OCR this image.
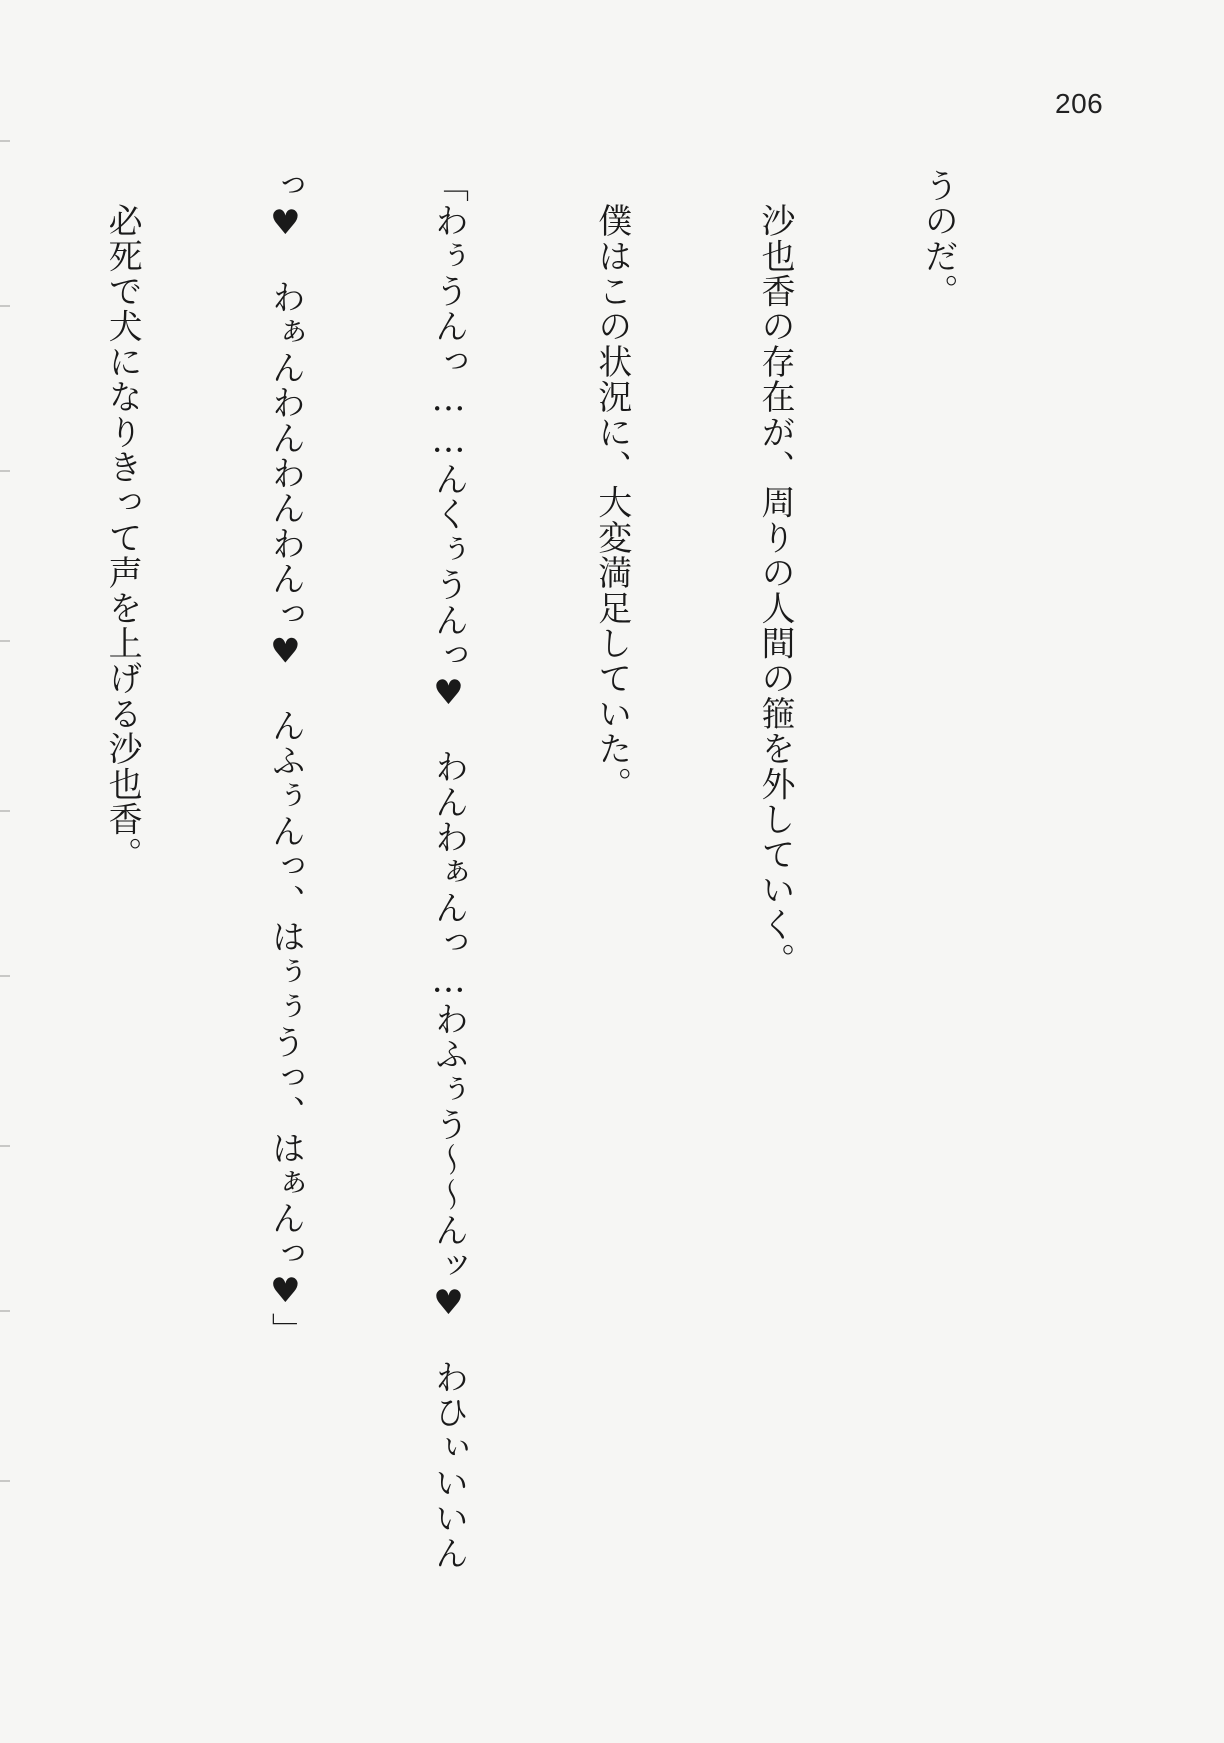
206

うのだ。

　沙也香の存在が、周りの人間の箍を外していく。

　僕はこの状況に、大変満足していた。

「わぅうんっ……んくぅうんっ♥　わんわぁんっ…わふぅう〜〜んッ♥　わひぃいいん

っ♥　わぁんわんわんわんっ♥　んふぅんっ、はぅぅうっ、はぁんっ♥」

　必死で犬になりきって声を上げる沙也香。
